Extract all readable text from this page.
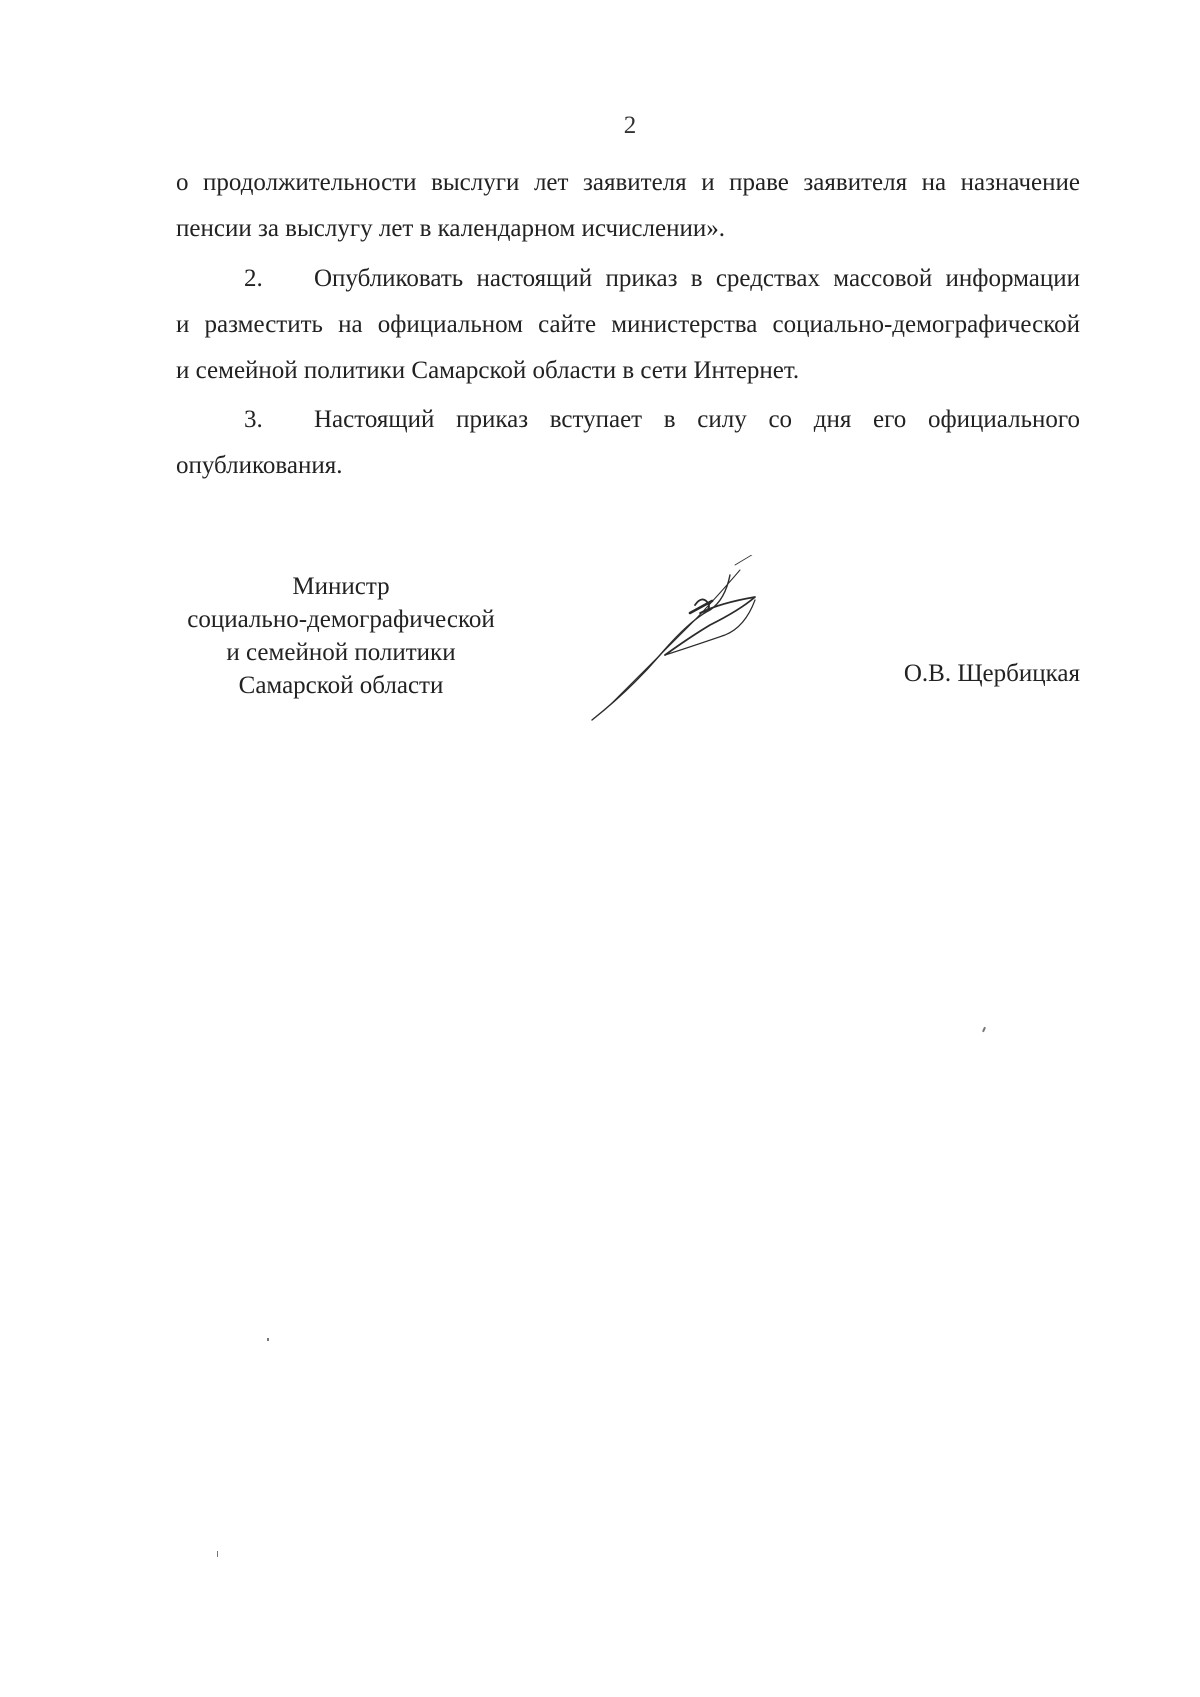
2
о продолжительности выслуги лет заявителя и праве заявителя на назначение
пенсии за выслугу лет в календарном исчислении».
2. Опубликовать настоящий приказ в средствах массовой информации
и разместить на официальном сайте министерства социально-демографической
и семейной политики Самарской области в сети Интернет.
3. Настоящий приказ вступает в силу со дня его официального
опубликования.
Министр
социально-демографической
и семейной политики
Самарской области	О.В. Щербицкая
